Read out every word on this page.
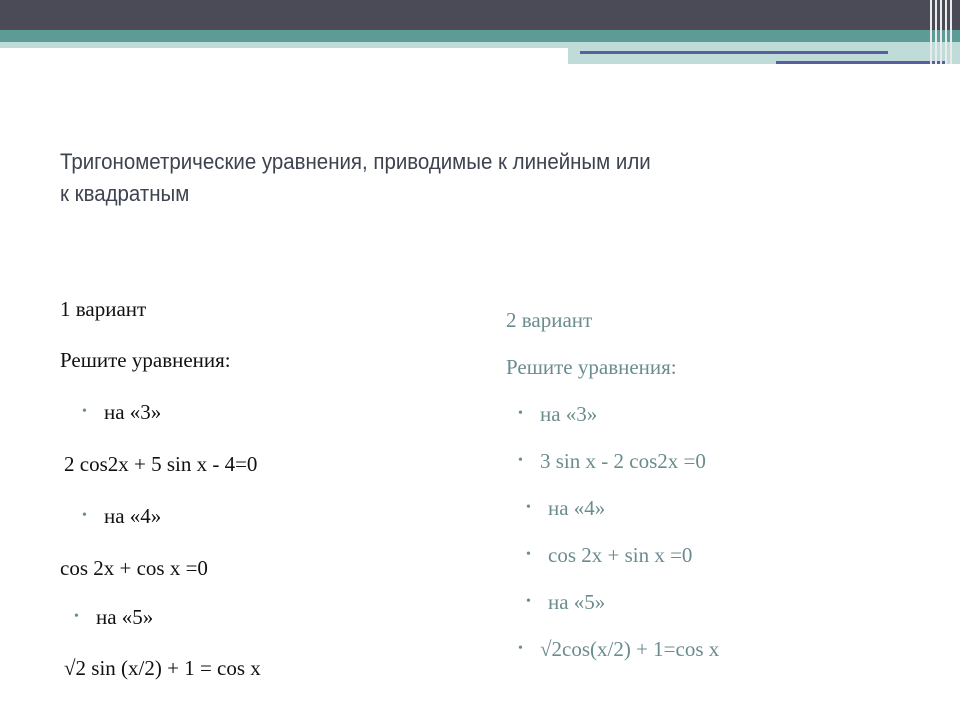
Тригонометрические уравнения, приводимые к линейным или
к квадратным

1 вариант

Решите уравнения:

• на «3»

2 cos2x + 5 sin x - 4=0

• на «4»

cos 2x + cos x =0

• на «5»

√2 sin (x/2) + 1 = cos x

2 вариант

Решите уравнения:

• на «3»

• 3 sin x - 2 cos2x =0

• на «4»

• cos 2x + sin x =0

• на «5»

• √2cos(x/2) + 1=cos x
